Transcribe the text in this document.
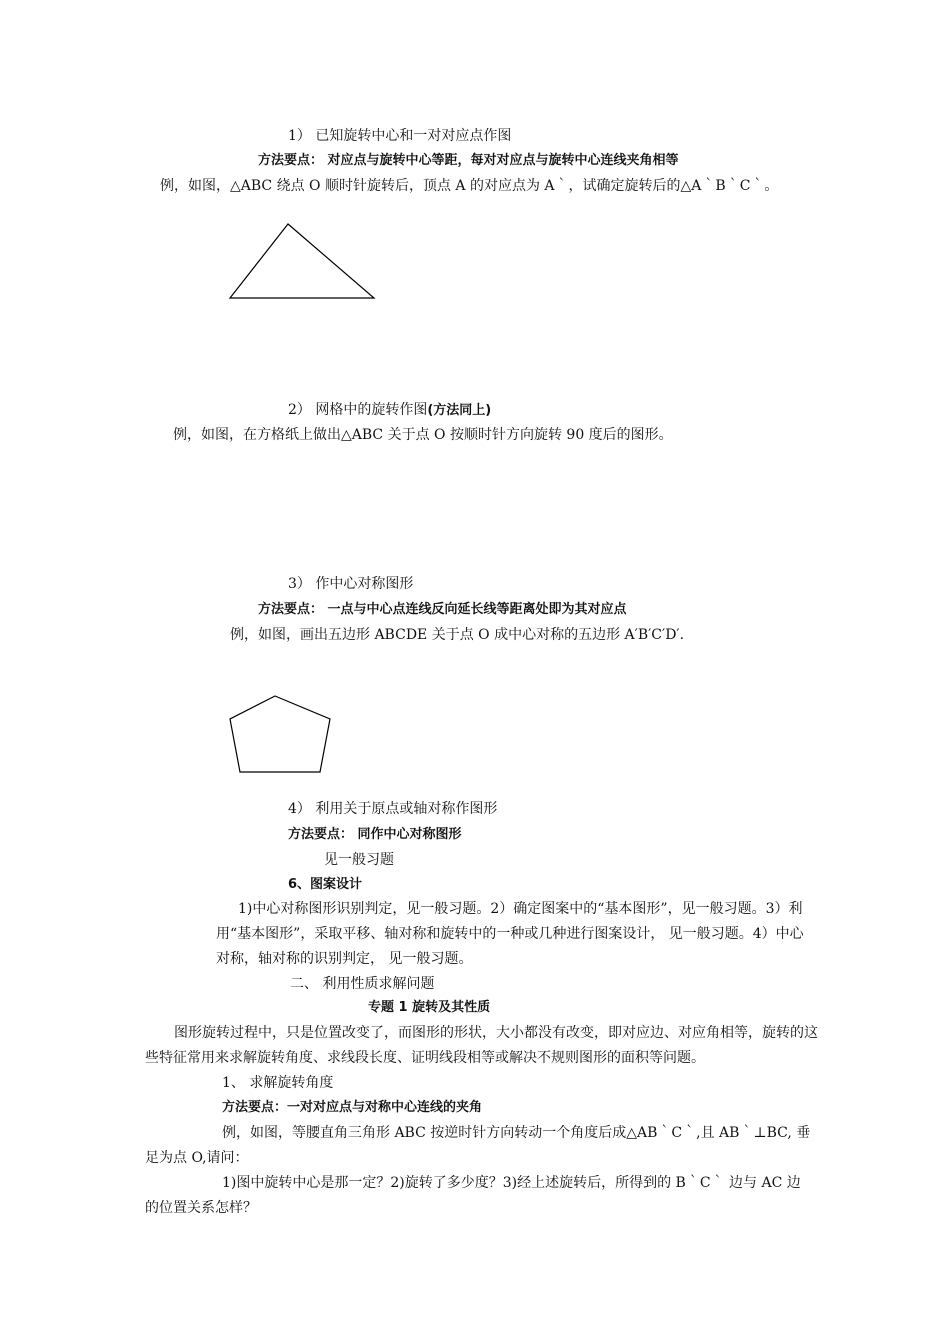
1） 已知旋转中心和一对对应点作图
方法要点： 对应点与旋转中心等距，每对对应点与旋转中心连线夹角相等
例，如图，△ABC 绕点 O 顺时针旋转后，顶点 A 的对应点为 A｀，试确定旋转后的△A｀B｀C｀。
2） 网格中的旋转作图(方法同上)
例，如图，在方格纸上做出△ABC 关于点 O 按顺时针方向旋转 90 度后的图形。
3） 作中心对称图形
方法要点： 一点与中心点连线反向延长线等距离处即为其对应点
例，如图，画出五边形 ABCDE 关于点 O 成中心对称的五边形 A′B′C′D′.
4） 利用关于原点或轴对称作图形
方法要点： 同作中心对称图形
见一般习题
6、图案设计
1)中心对称图形识别判定，见一般习题。2）确定图案中的“基本图形”，见一般习题。3）利
用“基本图形”，采取平移、轴对称和旋转中的一种或几种进行图案设计， 见一般习题。4）中心
对称，轴对称的识别判定， 见一般习题。
二、 利用性质求解问题
专题 1 旋转及其性质
图形旋转过程中，只是位置改变了，而图形的形状，大小都没有改变，即对应边、对应角相等，旋转的这
些特征常用来求解旋转角度、求线段长度、证明线段相等或解决不规则图形的面积等问题。
1、 求解旋转角度
方法要点：一对对应点与对称中心连线的夹角
例，如图，等腰直角三角形 ABC 按逆时针方向转动一个角度后成△AB｀C｀,且 AB｀⊥BC, 垂
足为点 O,请问：
1)图中旋转中心是那一定？2)旋转了多少度？3)经上述旋转后，所得到的 B｀C｀ 边与 AC 边
的位置关系怎样？
